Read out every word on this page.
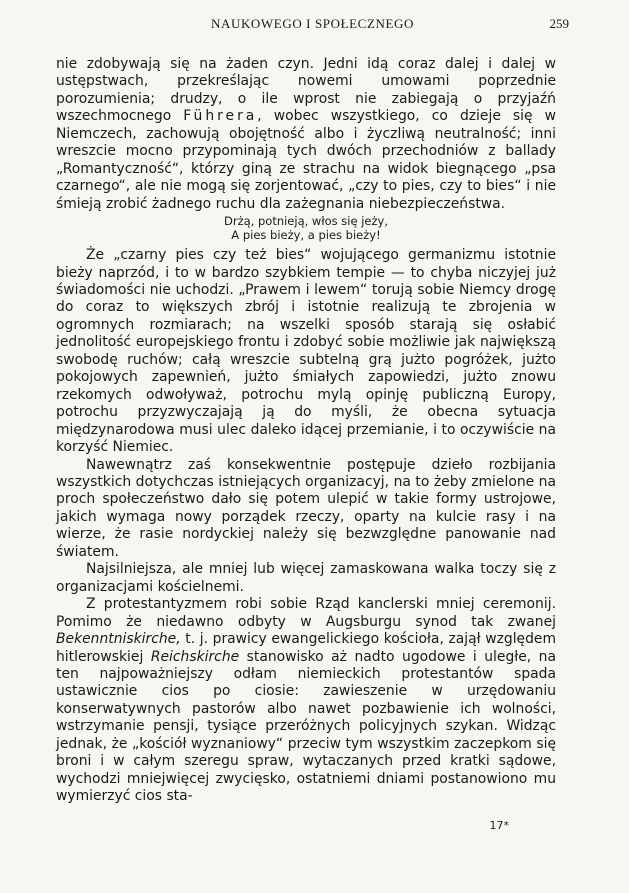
NAUKOWEGO I SPOŁECZNEGO	259

nie zdobywają się na żaden czyn. Jedni idą coraz dalej i dalej w ustępstwach, przekreślając nowemi umowami poprzednie porozumienia; drudzy, o ile wprost nie zabiegają o przyjaźń wszechmocnego Führera, wobec wszystkiego, co dzieje się w Niemczech, zachowują obojętność albo i życzliwą neutralność; inni wreszcie mocno przypominają tych dwóch przechodniów z ballady „Romantyczność“, którzy giną ze strachu na widok biegnącego „psa czarnego“, ale nie mogą się zorjentować, „czy to pies, czy to bies“ i nie śmieją zrobić żadnego ruchu dla zażegnania niebezpieczeństwa.

Drżą, potnieją, włos się jeży,
A pies bieży, a pies bieży!

Że „czarny pies czy też bies“ wojującego germanizmu istotnie bieży naprzód, i to w bardzo szybkiem tempie — to chyba niczyjej już świadomości nie uchodzi. „Prawem i lewem“ torują sobie Niemcy drogę do coraz to większych zbrój i istotnie realizują te zbrojenia w ogromnych rozmiarach; na wszelki sposób starają się osłabić jednolitość europejskiego frontu i zdobyć sobie możliwie jak największą swobodę ruchów; całą wreszcie subtelną grą jużto pogróżek, jużto pokojowych zapewnień, jużto śmiałych zapowiedzi, jużto znowu rzekomych odwoływaż, potrochu mylą opinję publiczną Europy, potrochu przyzwyczajają ją do myśli, że obecna sytuacja międzynarodowa musi ulec daleko idącej przemianie, i to oczywiście na korzyść Niemiec.

Nawewnątrz zaś konsekwentnie postępuje dzieło rozbijania wszystkich dotychczas istniejących organizacyj, na to żeby zmielone na proch społeczeństwo dało się potem ulepić w takie formy ustrojowe, jakich wymaga nowy porządek rzeczy, oparty na kulcie rasy i na wierze, że rasie nordyckiej należy się bezwzględne panowanie nad światem.

Najsilniejsza, ale mniej lub więcej zamaskowana walka toczy się z organizacjami kościelnemi.

Z protestantyzmem robi sobie Rząd kanclerski mniej ceremonij. Pomimo że niedawno odbyty w Augsburgu synod tak zwanej Bekenntniskirche, t. j. prawicy ewangelickiego kościoła, zajął względem hitlerowskiej Reichskirche stanowisko aż nadto ugodowe i uległe, na ten najpoważniejszy odłam niemieckich protestantów spada ustawicznie cios po ciosie: zawieszenie w urzędowaniu konserwatywnych pastorów albo nawet pozbawienie ich wolności, wstrzymanie pensji, tysiące przeróżnych policyjnych szykan. Widząc jednak, że „kościół wyznaniowy“ przeciw tym wszystkim zaczepkom się broni i w całym szeregu spraw, wytaczanych przed kratki sądowe, wychodzi mniejwięcej zwycięsko, ostatniemi dniami postanowiono mu wymierzyć cios sta-

17*
